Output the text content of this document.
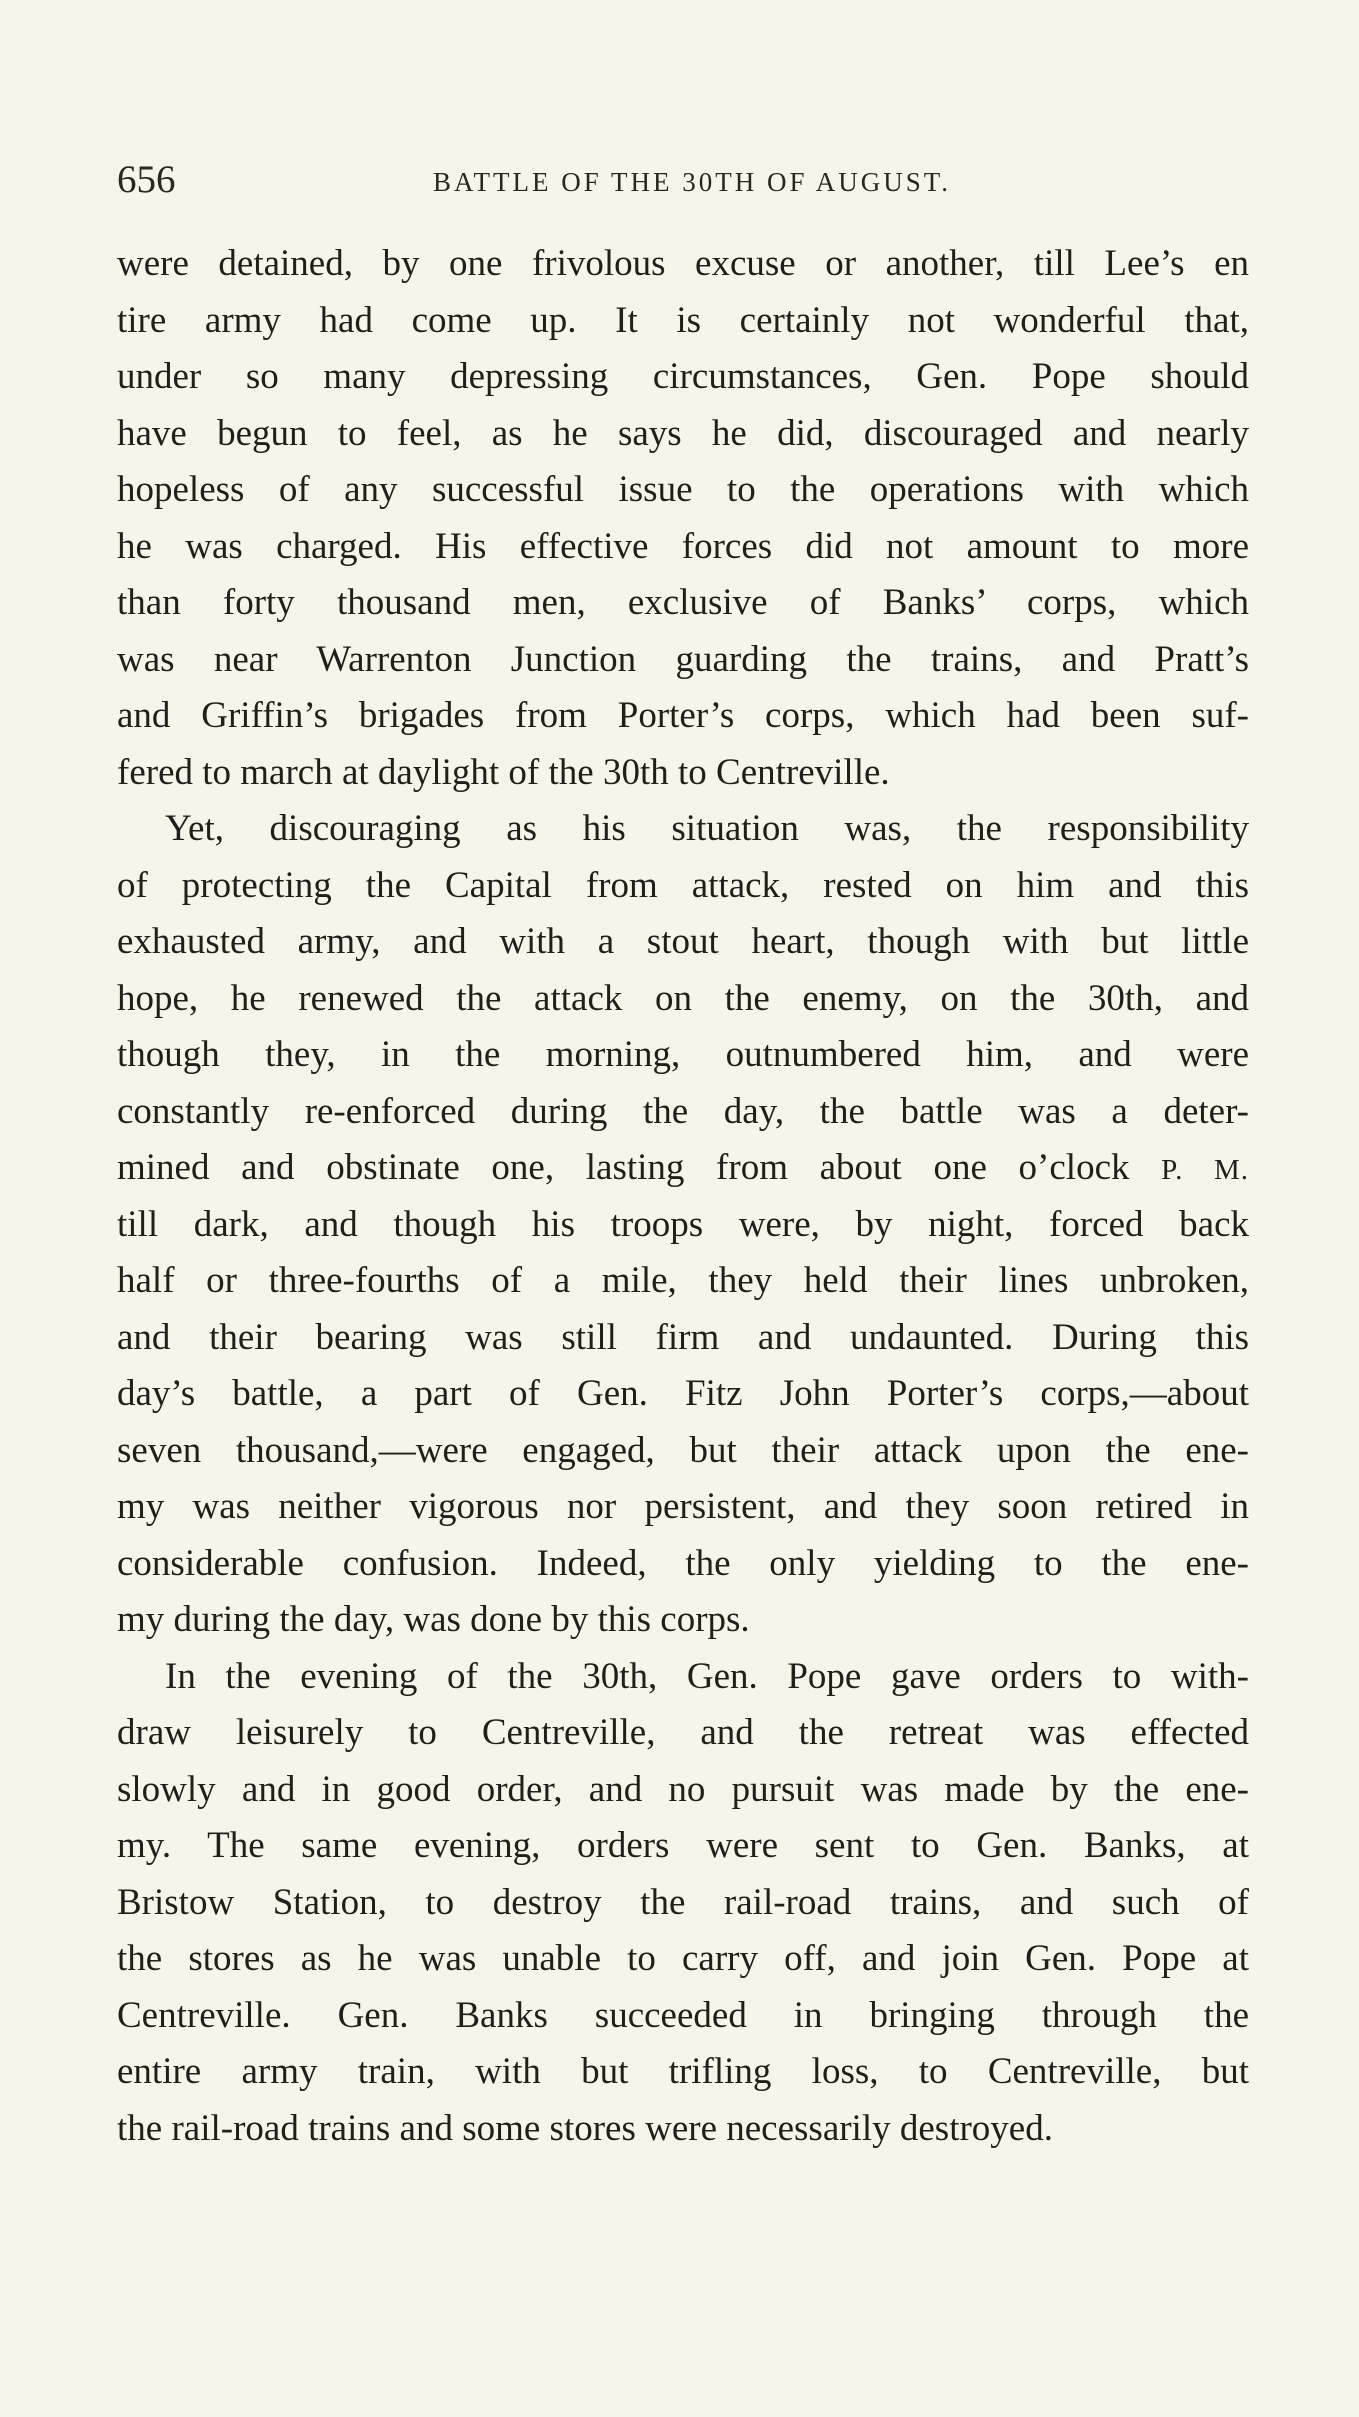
656	BATTLE OF THE 30TH OF AUGUST.
were detained, by one frivolous excuse or another, till Lee’s en
tire army had come up. It is certainly not wonderful that,
under so many depressing circumstances, Gen. Pope should
have begun to feel, as he says he did, discouraged and nearly
hopeless of any successful issue to the operations with which
he was charged. His effective forces did not amount to more
than forty thousand men, exclusive of Banks’ corps, which
was near Warrenton Junction guarding the trains, and Pratt’s
and Griffin’s brigades from Porter’s corps, which had been suf-
fered to march at daylight of the 30th to Centreville.
Yet, discouraging as his situation was, the responsibility
of protecting the Capital from attack, rested on him and this
exhausted army, and with a stout heart, though with but little
hope, he renewed the attack on the enemy, on the 30th, and
though they, in the morning, outnumbered him, and were
constantly re-enforced during the day, the battle was a deter-
mined and obstinate one, lasting from about one o’clock P. M.
till dark, and though his troops were, by night, forced back
half or three-fourths of a mile, they held their lines unbroken,
and their bearing was still firm and undaunted. During this
day’s battle, a part of Gen. Fitz John Porter’s corps,—about
seven thousand,—were engaged, but their attack upon the ene-
my was neither vigorous nor persistent, and they soon retired in
considerable confusion. Indeed, the only yielding to the ene-
my during the day, was done by this corps.
In the evening of the 30th, Gen. Pope gave orders to with-
draw leisurely to Centreville, and the retreat was effected
slowly and in good order, and no pursuit was made by the ene-
my. The same evening, orders were sent to Gen. Banks, at
Bristow Station, to destroy the rail-road trains, and such of
the stores as he was unable to carry off, and join Gen. Pope at
Centreville. Gen. Banks succeeded in bringing through the
entire army train, with but trifling loss, to Centreville, but
the rail-road trains and some stores were necessarily destroyed.
